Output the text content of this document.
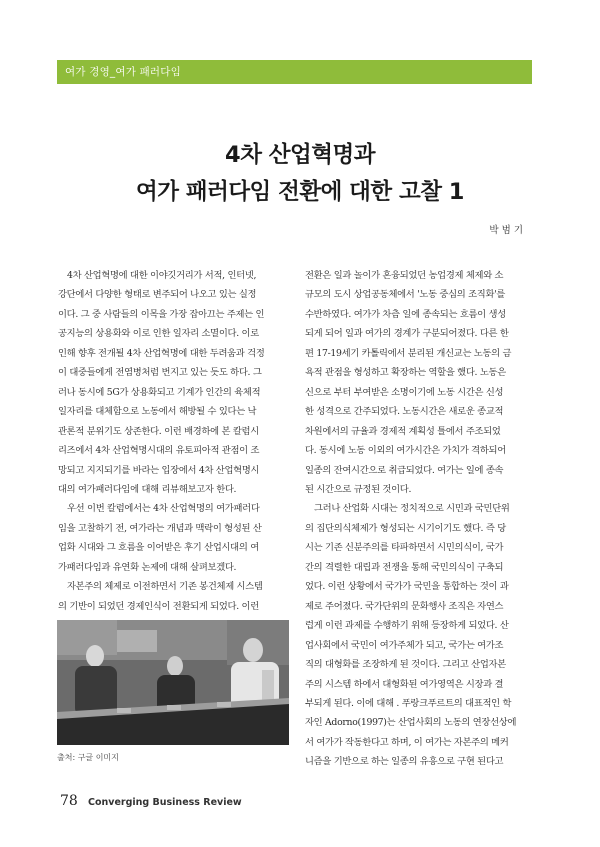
여가 경영_여가 패러다임
4차 산업혁명과
여가 패러다임 전환에 대한 고찰 1
박 범 기

4차 산업혁명에 대한 이야깃거리가 서적, 인터넷,

강단에서 다양한 형태로 변주되어 나오고 있는 실정

이다. 그 중 사람들의 이목을 가장 잡아끄는 주제는 인

공지능의 상용화와 이로 인한 일자리 소멸이다. 이로

인해 향후 전개될 4차 산업혁명에 대한 두려움과 걱정

이 대중들에게 전염병처럼 번지고 있는 듯도 하다. 그

러나 동시에 5G가 상용화되고 기계가 인간의 육체적

일자리를 대체함으로 노동에서 해방될 수 있다는 낙

관론적 분위기도 상존한다. 이런 배경하에 본 칼럼시

리즈에서 4차 산업혁명시대의 유토피아적 관점이 조

망되고 지지되기를 바라는 입장에서 4차 산업혁명시

대의 여가패러다임에 대해 리뷰해보고자 한다.

우선 이번 칼럼에서는 4차 산업혁명의 여가패러다

임을 고찰하기 전, 여가라는 개념과 맥락이 형성된 산

업화 시대와 그 흐름을 이어받은 후기 산업시대의 여

가패러다임과 유연화 논제에 대해 살펴보겠다.

자본주의 체제로 이전하면서 기존 봉건체제 시스템

의 기반이 되었던 경제인식이 전환되게 되었다. 이런

전환은 일과 놀이가 혼융되었던 농업경제 체제와 소

규모의 도시 상업공동체에서 '노동 중심의 조직화'를

수반하였다. 여가가 차츰 일에 종속되는 흐름이 생성

되게 되어 일과 여가의 경계가 구분되어졌다. 다른 한

편 17-19세기 카톨릭에서 분리된 개신교는 노동의 금

욕적 관점을 형성하고 확장하는 역할을 했다. 노동은

신으로 부터 부여받은 소명이기에 노동 시간은 신성

한 성격으로 간주되었다. 노동시간은 새로운 종교적

차원에서의 규율과 경제적 계획성 틀에서 주조되었

다. 동시에 노동 이외의 여가시간은 가치가 격하되어

일종의 잔여시간으로 취급되었다. 여가는 일에 종속

된 시간으로 규정된 것이다.

그러나 산업화 시대는 정치적으로 시민과 국민단위

의 집단의식체제가 형성되는 시기이기도 했다. 즉 당

시는 기존 신분주의를 타파하면서 시민의식이, 국가

간의 격렬한 대립과 전쟁을 통해 국민의식이 구축되

었다. 이런 상황에서 국가가 국민을 통합하는 것이 과

제로 주어졌다. 국가단위의 문화행사 조직은 자연스

럽게 이런 과제를 수행하기 위해 등장하게 되었다. 산

업사회에서 국민이 여가주체가 되고, 국가는 여가조

직의 대형화를 조장하게 된 것이다. 그리고 산업자본

주의 시스템 하에서 대형화된 여가영역은 시장과 결

부되게 된다. 이에 대해 . 푸랑크푸르트의 대표적인 학

자인 Adorno(1997)는 산업사회의 노동의 연장선상에

서 여가가 작동한다고 하며, 이 여가는 자본주의 메커

니즘을 기반으로 하는 일종의 유흥으로 구현 된다고

출처: 구글 이미지
78 Converging Business Review
